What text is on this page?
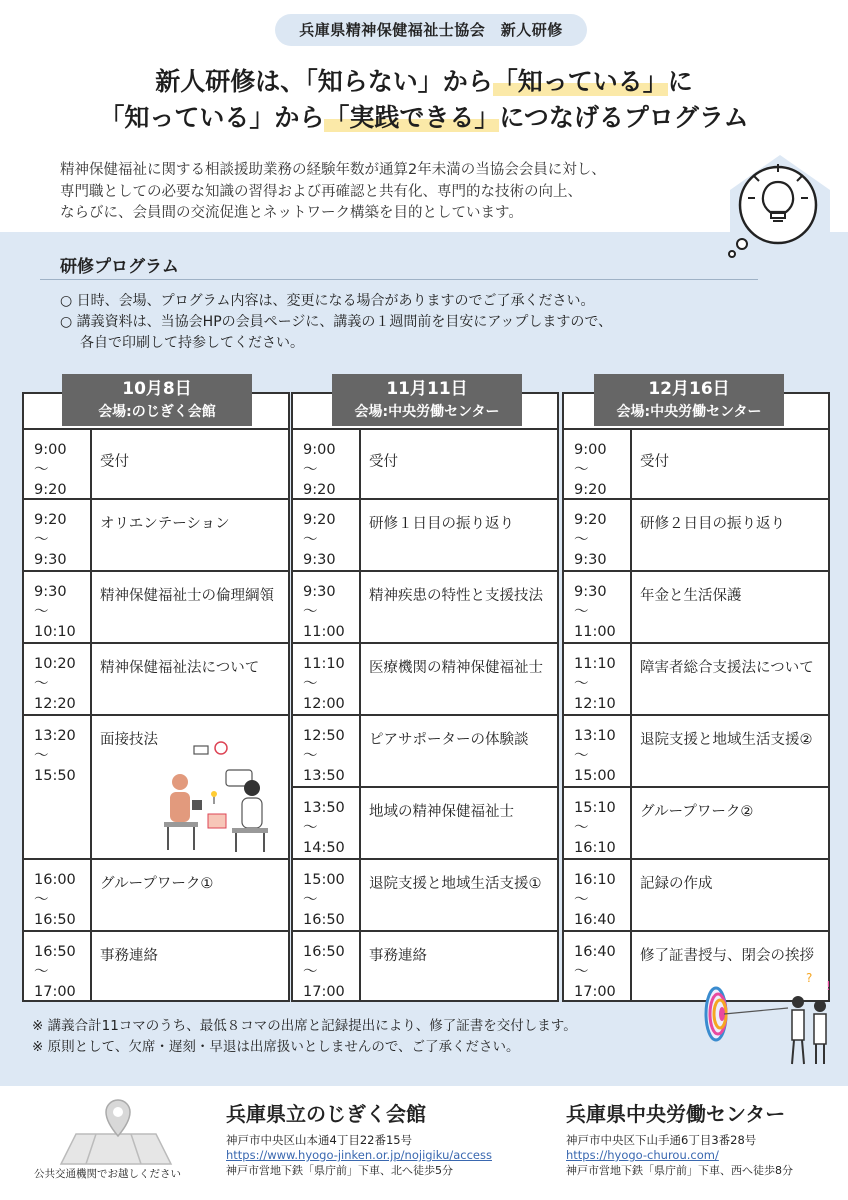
兵庫県精神保健福祉士協会　新人研修
新人研修は、「知らない」から「知っている」に
「知っている」から「実践できる」につなげるプログラム
精神保健福祉に関する相談援助業務の経験年数が通算2年未満の当協会会員に対し、
専門職としての必要な知識の習得および再確認と共有化、専門的な技術の向上、
ならびに、会員間の交流促進とネットワーク構築を目的としています。
研修プログラム
○ 日時、会場、プログラム内容は、変更になる場合がありますのでご了承ください。
○ 講義資料は、当協会HPの会員ページに、講義の１週間前を目安にアップしますので、
各自で印刷して持参してください。
10月8日
会場:のじぎく会館
9:00
〜
9:20
受付
9:20
〜
9:30
オリエンテーション
9:30
〜
10:10
精神保健福祉士の倫理綱領
10:20
〜
12:20
精神保健福祉法について
13:20
〜
15:50
面接技法
16:00
〜
16:50
グループワーク①
16:50
〜
17:00
事務連絡
11月11日
会場:中央労働センター
9:00
〜
9:20
受付
9:20
〜
9:30
研修１日目の振り返り
9:30
〜
11:00
精神疾患の特性と支援技法
11:10
〜
12:00
医療機関の精神保健福祉士
12:50
〜
13:50
ピアサポーターの体験談
13:50
〜
14:50
地域の精神保健福祉士
15:00
〜
16:50
退院支援と地域生活支援①
16:50
〜
17:00
事務連絡
12月16日
会場:中央労働センター
9:00
〜
9:20
受付
9:20
〜
9:30
研修２日目の振り返り
9:30
〜
11:00
年金と生活保護
11:10
〜
12:10
障害者総合支援法について
13:10
〜
15:00
退院支援と地域生活支援②
15:10
〜
16:10
グループワーク②
16:10
〜
16:40
記録の作成
16:40
〜
17:00
修了証書授与、閉会の挨拶
?
!
※ 講義合計11コマのうち、最低８コマの出席と記録提出により、修了証書を交付します。
※ 原則として、欠席・遅刻・早退は出席扱いとしませんので、ご了承ください。
公共交通機関でお越しください
兵庫県立のじぎく会館
神戸市中央区山本通4丁目22番15号
https://www.hyogo-jinken.or.jp/nojigiku/access
神戸市営地下鉄「県庁前」下車、北へ徒歩5分
兵庫県中央労働センター
神戸市中央区下山手通6丁目3番28号
https://hyogo-churou.com/
神戸市営地下鉄「県庁前」下車、西へ徒歩8分
